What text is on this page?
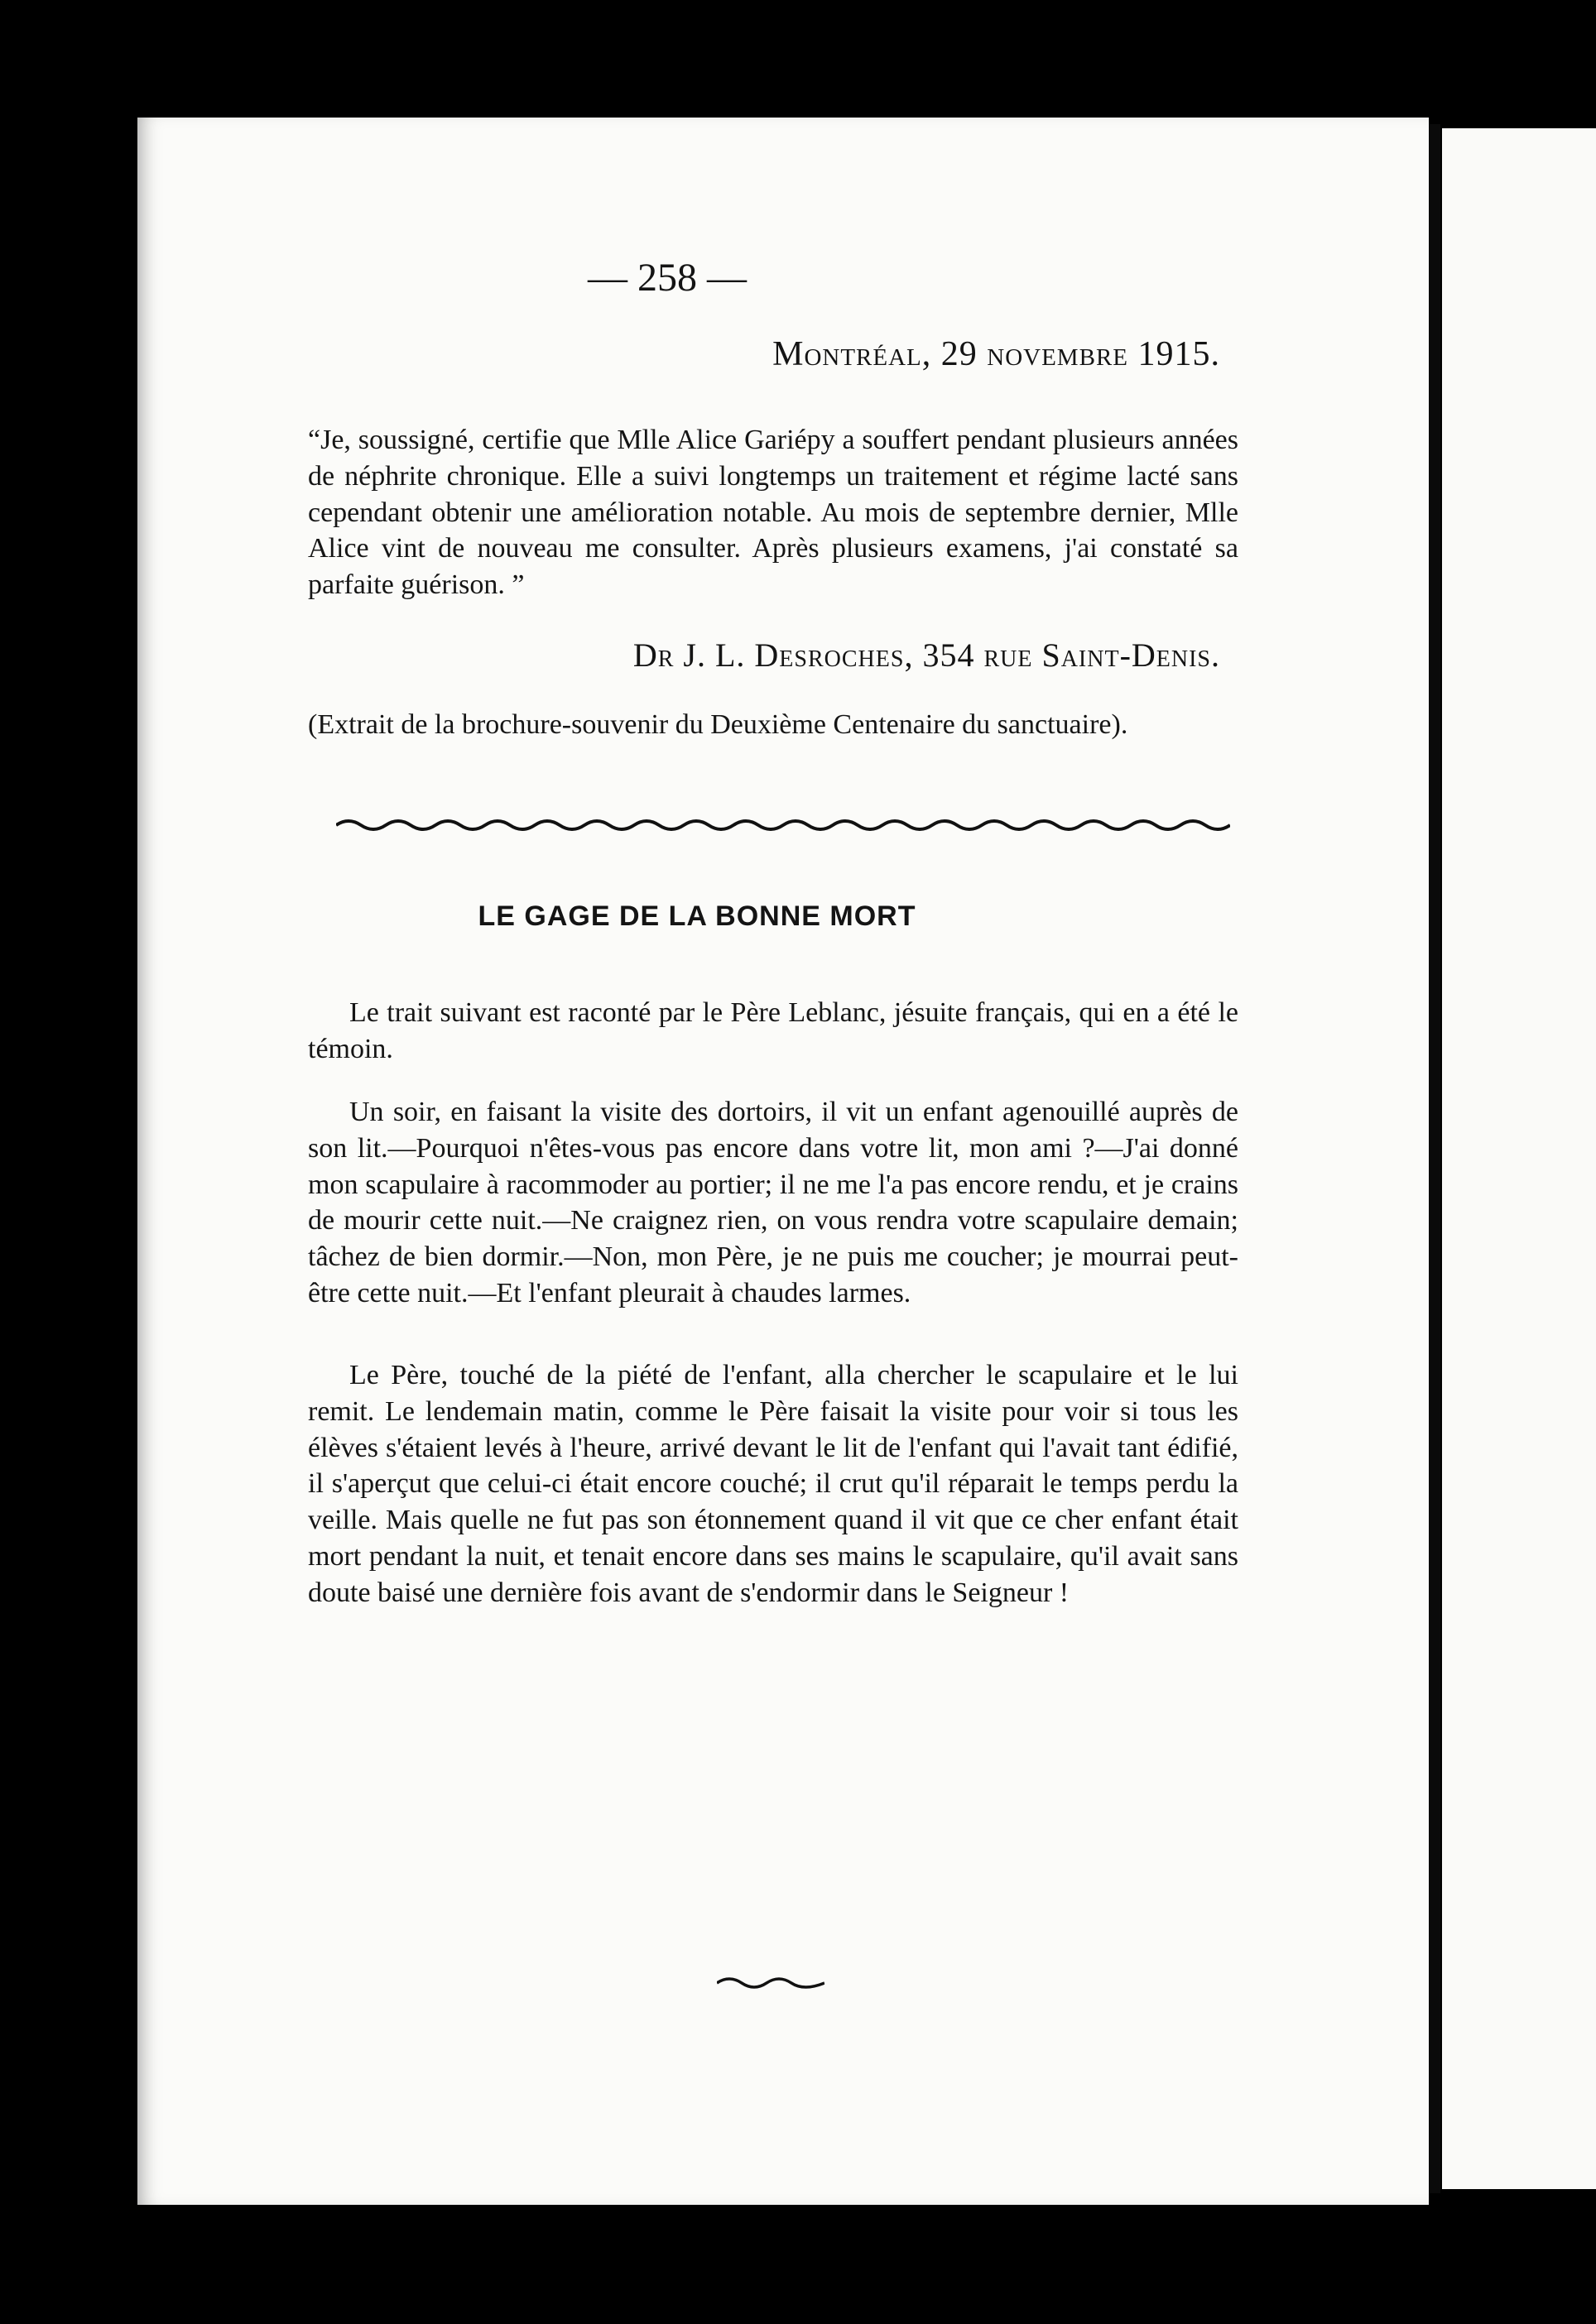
— 258 —
Montréal, 29 novembre 1915.

“Je, soussigné, certifie que Mlle Alice Gariépy a souffert pendant plusieurs années de néphrite chronique. Elle a suivi longtemps un traitement et régime lacté sans cependant obtenir une amélioration notable. Au mois de septembre dernier, Mlle Alice vint de nouveau me consulter. Après plusieurs examens, j'ai constaté sa parfaite guérison. ”

Dr J. L. Desroches, 354 rue Saint-Denis.

(Extrait de la brochure-souvenir du Deuxième Centenaire du sanctuaire).

LE GAGE DE LA BONNE MORT

Le trait suivant est raconté par le Père Leblanc, jésuite français, qui en a été le témoin.

Un soir, en faisant la visite des dortoirs, il vit un enfant agenouillé auprès de son lit.—Pourquoi n'êtes-vous pas encore dans votre lit, mon ami ?—J'ai donné mon scapulaire à racommoder au portier; il ne me l'a pas encore rendu, et je crains de mourir cette nuit.—Ne craignez rien, on vous rendra votre scapulaire demain; tâchez de bien dormir.—Non, mon Père, je ne puis me coucher; je mourrai peut-être cette nuit.—Et l'enfant pleurait à chaudes larmes.

Le Père, touché de la piété de l'enfant, alla chercher le scapulaire et le lui remit. Le lendemain matin, comme le Père faisait la visite pour voir si tous les élèves s'étaient levés à l'heure, arrivé devant le lit de l'enfant qui l'avait tant édifié, il s'aperçut que celui-ci était encore couché; il crut qu'il réparait le temps perdu la veille. Mais quelle ne fut pas son étonnement quand il vit que ce cher enfant était mort pendant la nuit, et tenait encore dans ses mains le scapulaire, qu'il avait sans doute baisé une dernière fois avant de s'endormir dans le Seigneur !
